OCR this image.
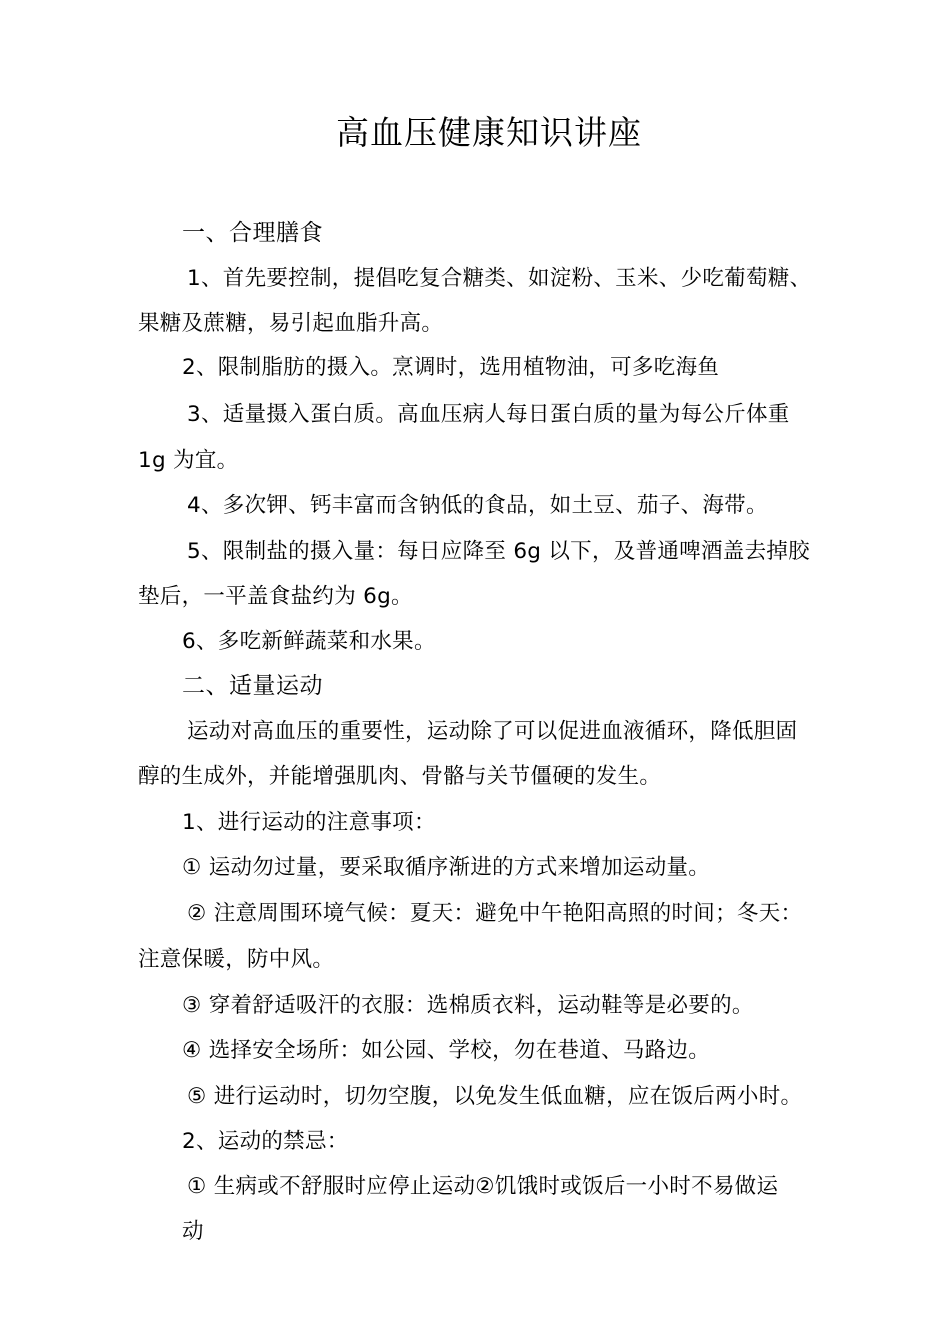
高血压健康知识讲座
一、合理膳食
1、首先要控制，提倡吃复合糖类、如淀粉、玉米、少吃葡萄糖、
果糖及蔗糖，易引起血脂升高。
2、限制脂肪的摄入。烹调时，选用植物油，可多吃海鱼
3、适量摄入蛋白质。高血压病人每日蛋白质的量为每公斤体重
1g 为宜。
4、多次钾、钙丰富而含钠低的食品，如土豆、茄子、海带。
5、限制盐的摄入量：每日应降至 6g 以下，及普通啤酒盖去掉胶
垫后，一平盖食盐约为 6g。
6、多吃新鲜蔬菜和水果。
二、适量运动
运动对高血压的重要性，运动除了可以促进血液循环，降低胆固
醇的生成外，并能增强肌肉、骨骼与关节僵硬的发生。
1、进行运动的注意事项：
① 运动勿过量，要采取循序渐进的方式来增加运动量。
② 注意周围环境气候：夏天：避免中午艳阳高照的时间；冬天：
注意保暖，防中风。
③ 穿着舒适吸汗的衣服：选棉质衣料，运动鞋等是必要的。
④ 选择安全场所：如公园、学校，勿在巷道、马路边。
⑤ 进行运动时，切勿空腹，以免发生低血糖，应在饭后两小时。
2、运动的禁忌：
① 生病或不舒服时应停止运动②饥饿时或饭后一小时不易做运
动
